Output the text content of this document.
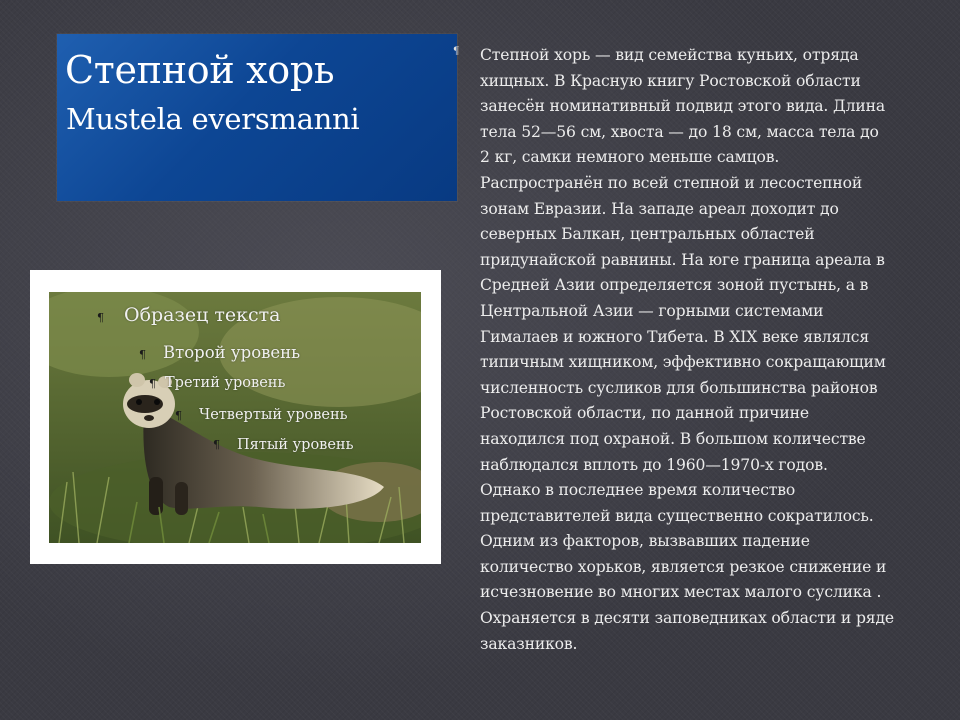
Степной хорь
Mustela eversmanni
¶ Образец текста
¶ Второй уровень
¶ Третий уровень
¶ Четвертый уровень
¶ Пятый уровень
¶ Степной хорь — вид семейства куньих, отряда
хищных. В Красную книгу Ростовской области
занесён номинативный подвид этого вида. Длина
тела 52—56 см, хвоста — до 18 см, масса тела до
2 кг, самки немного меньше самцов.
Распространён по всей степной и лесостепной
зонам Евразии. На западе ареал доходит до
северных Балкан, центральных областей
придунайской равнины. На юге граница ареала в
Средней Азии определяется зоной пустынь, а в
Центральной Азии — горными системами
Гималаев и южного Тибета. В XIX веке являлся
типичным хищником, эффективно сокращающим
численность сусликов для большинства районов
Ростовской области, по данной причине
находился под охраной. В большом количестве
наблюдался вплоть до 1960—1970-х годов.
Однако в последнее время количество
представителей вида существенно сократилось.
Одним из факторов, вызвавших падение
количество хорьков, является резкое снижение и
исчезновение во многих местах малого суслика .
Охраняется в десяти заповедниках области и ряде
заказников.
